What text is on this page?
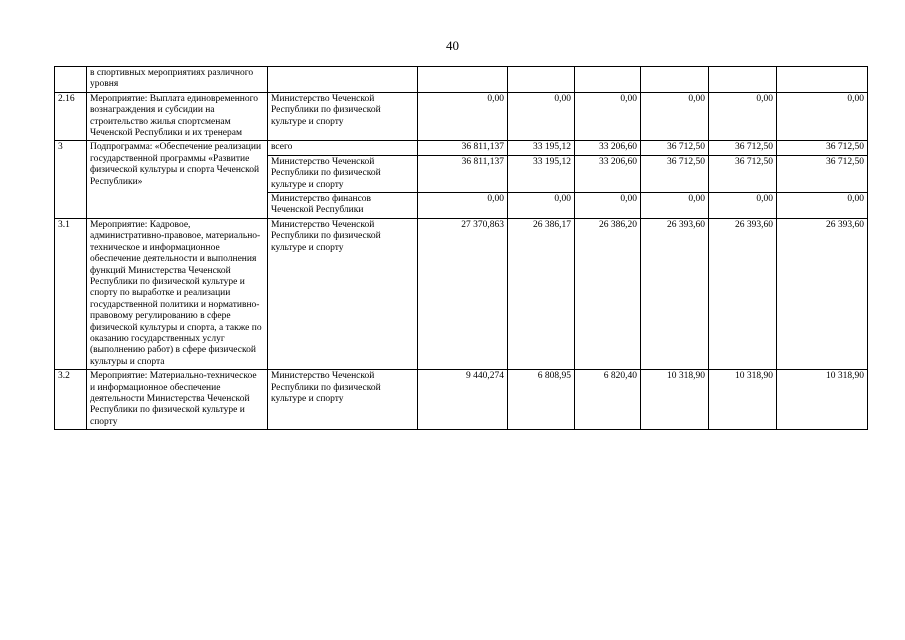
40
	в спортивных мероприятиях различного уровня							
2.16	Мероприятие: Выплата единовременного вознаграждения и субсидии на строительство жилья спортсменам Чеченской Республики и их тренерам	Министерство Чеченской Республики по физической культуре и спорту	0,00	0,00	0,00	0,00	0,00	0,00
3	Подпрограмма: «Обеспечение реализации государственной программы «Развитие физической культуры и спорта Чеченской Республики»	всего	36 811,137	33 195,12	33 206,60	36 712,50	36 712,50	36 712,50
		Министерство Чеченской Республики по физической культуре и спорту	36 811,137	33 195,12	33 206,60	36 712,50	36 712,50	36 712,50
		Министерство финансов Чеченской Республики	0,00	0,00	0,00	0,00	0,00	0,00
3.1	Мероприятие: Кадровое, административно-правовое, материально-техническое и информационное обеспечение деятельности и выполнения функций Министерства Чеченской Республики по физической культуре и спорту по выработке и реализации государственной политики и нормативно-правовому регулированию в сфере физической культуры и спорта, а также по оказанию государственных услуг (выполнению работ) в сфере физической культуры и спорта	Министерство Чеченской Республики по физической культуре и спорту	27 370,863	26 386,17	26 386,20	26 393,60	26 393,60	26 393,60
3.2	Мероприятие: Материально-техническое и информационное обеспечение деятельности Министерства Чеченской Республики по физической культуре и спорту	Министерство Чеченской Республики по физической культуре и спорту	9 440,274	6 808,95	6 820,40	10 318,90	10 318,90	10 318,90
